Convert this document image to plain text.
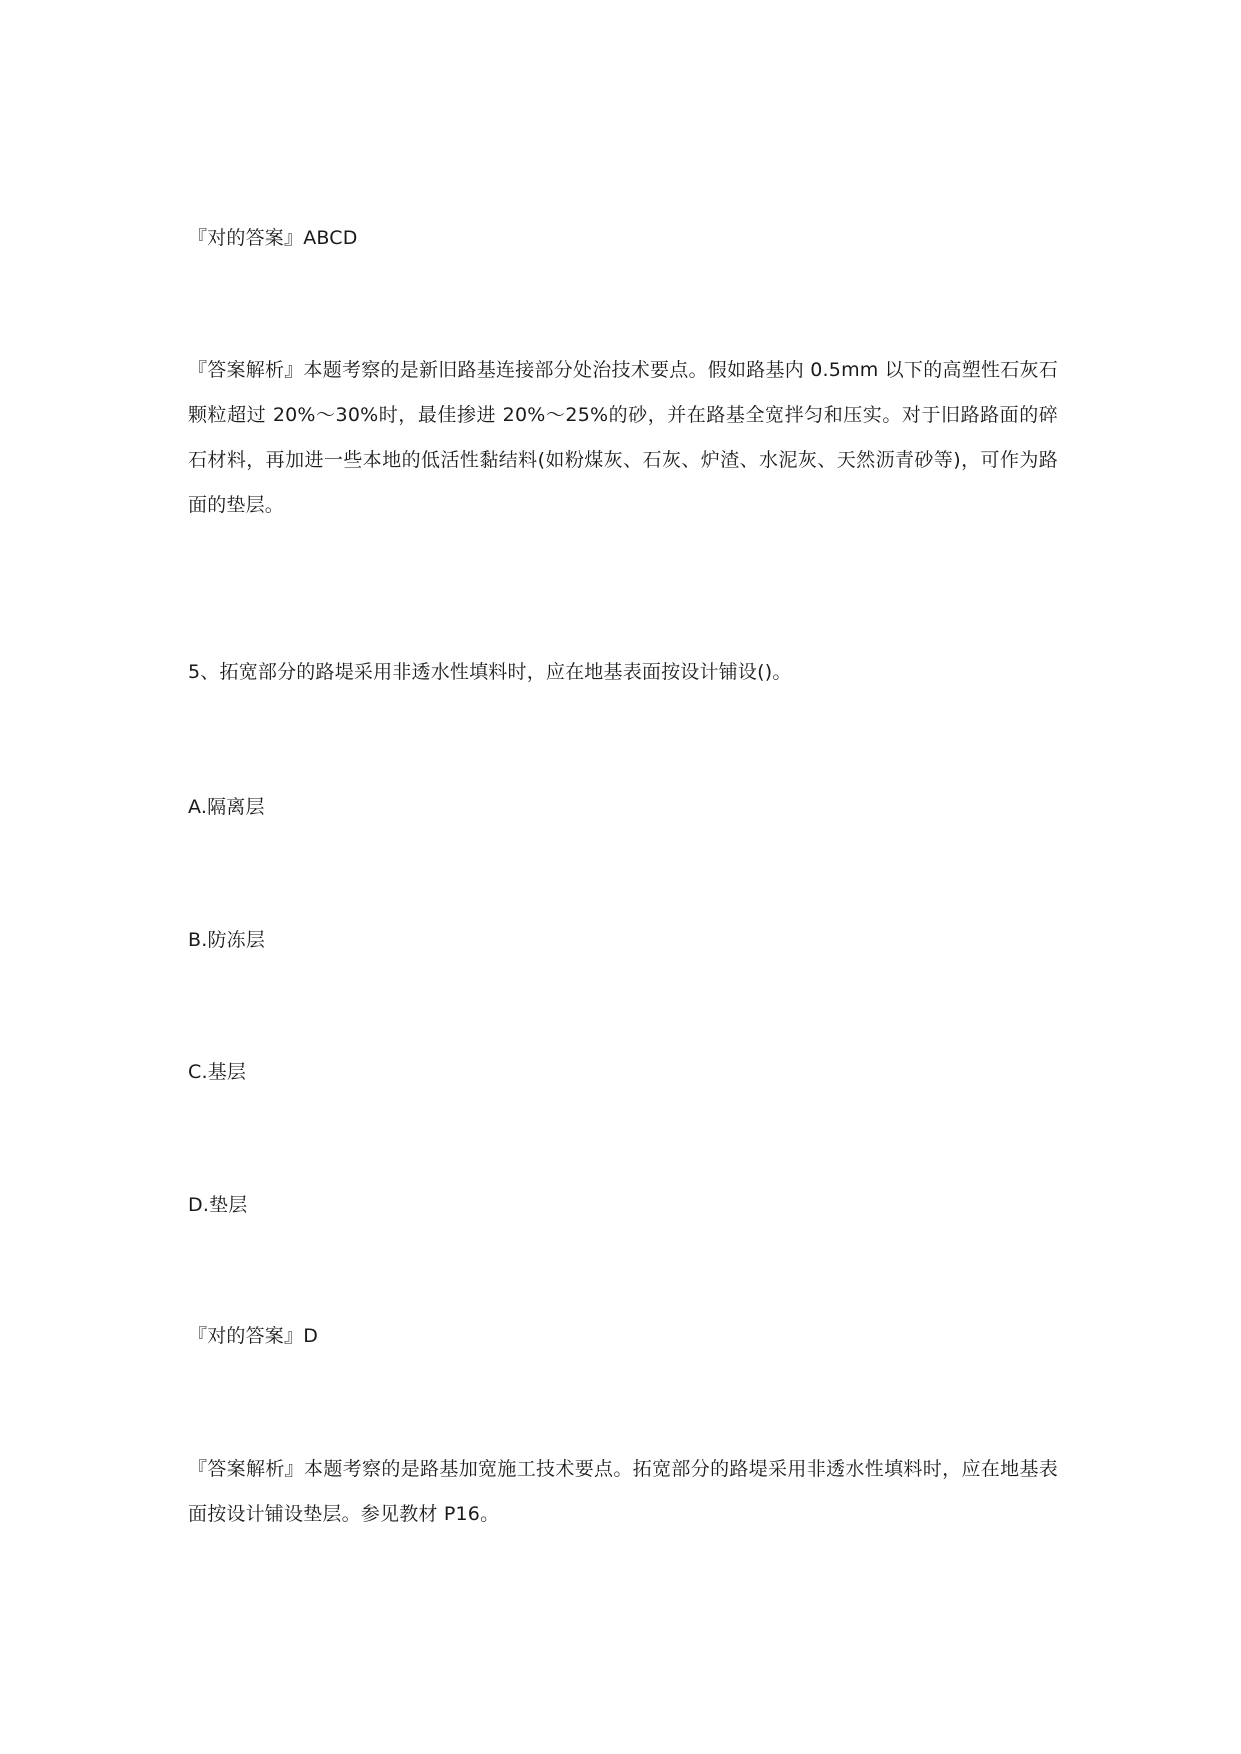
『对的答案』ABCD
『答案解析』本题考察的是新旧路基连接部分处治技术要点。假如路基内 0.5mm 以下的高塑性石灰石颗粒超过 20%～30%时，最佳掺进 20%～25%的砂，并在路基全宽拌匀和压实。对于旧路路面的碎石材料，再加进一些本地的低活性黏结料(如粉煤灰、石灰、炉渣、水泥灰、天然沥青砂等)，可作为路面的垫层。
5、拓宽部分的路堤采用非透水性填料时，应在地基表面按设计铺设()。
A.隔离层
B.防冻层
C.基层
D.垫层
『对的答案』D
『答案解析』本题考察的是路基加宽施工技术要点。拓宽部分的路堤采用非透水性填料时，应在地基表面按设计铺设垫层。参见教材 P16。
